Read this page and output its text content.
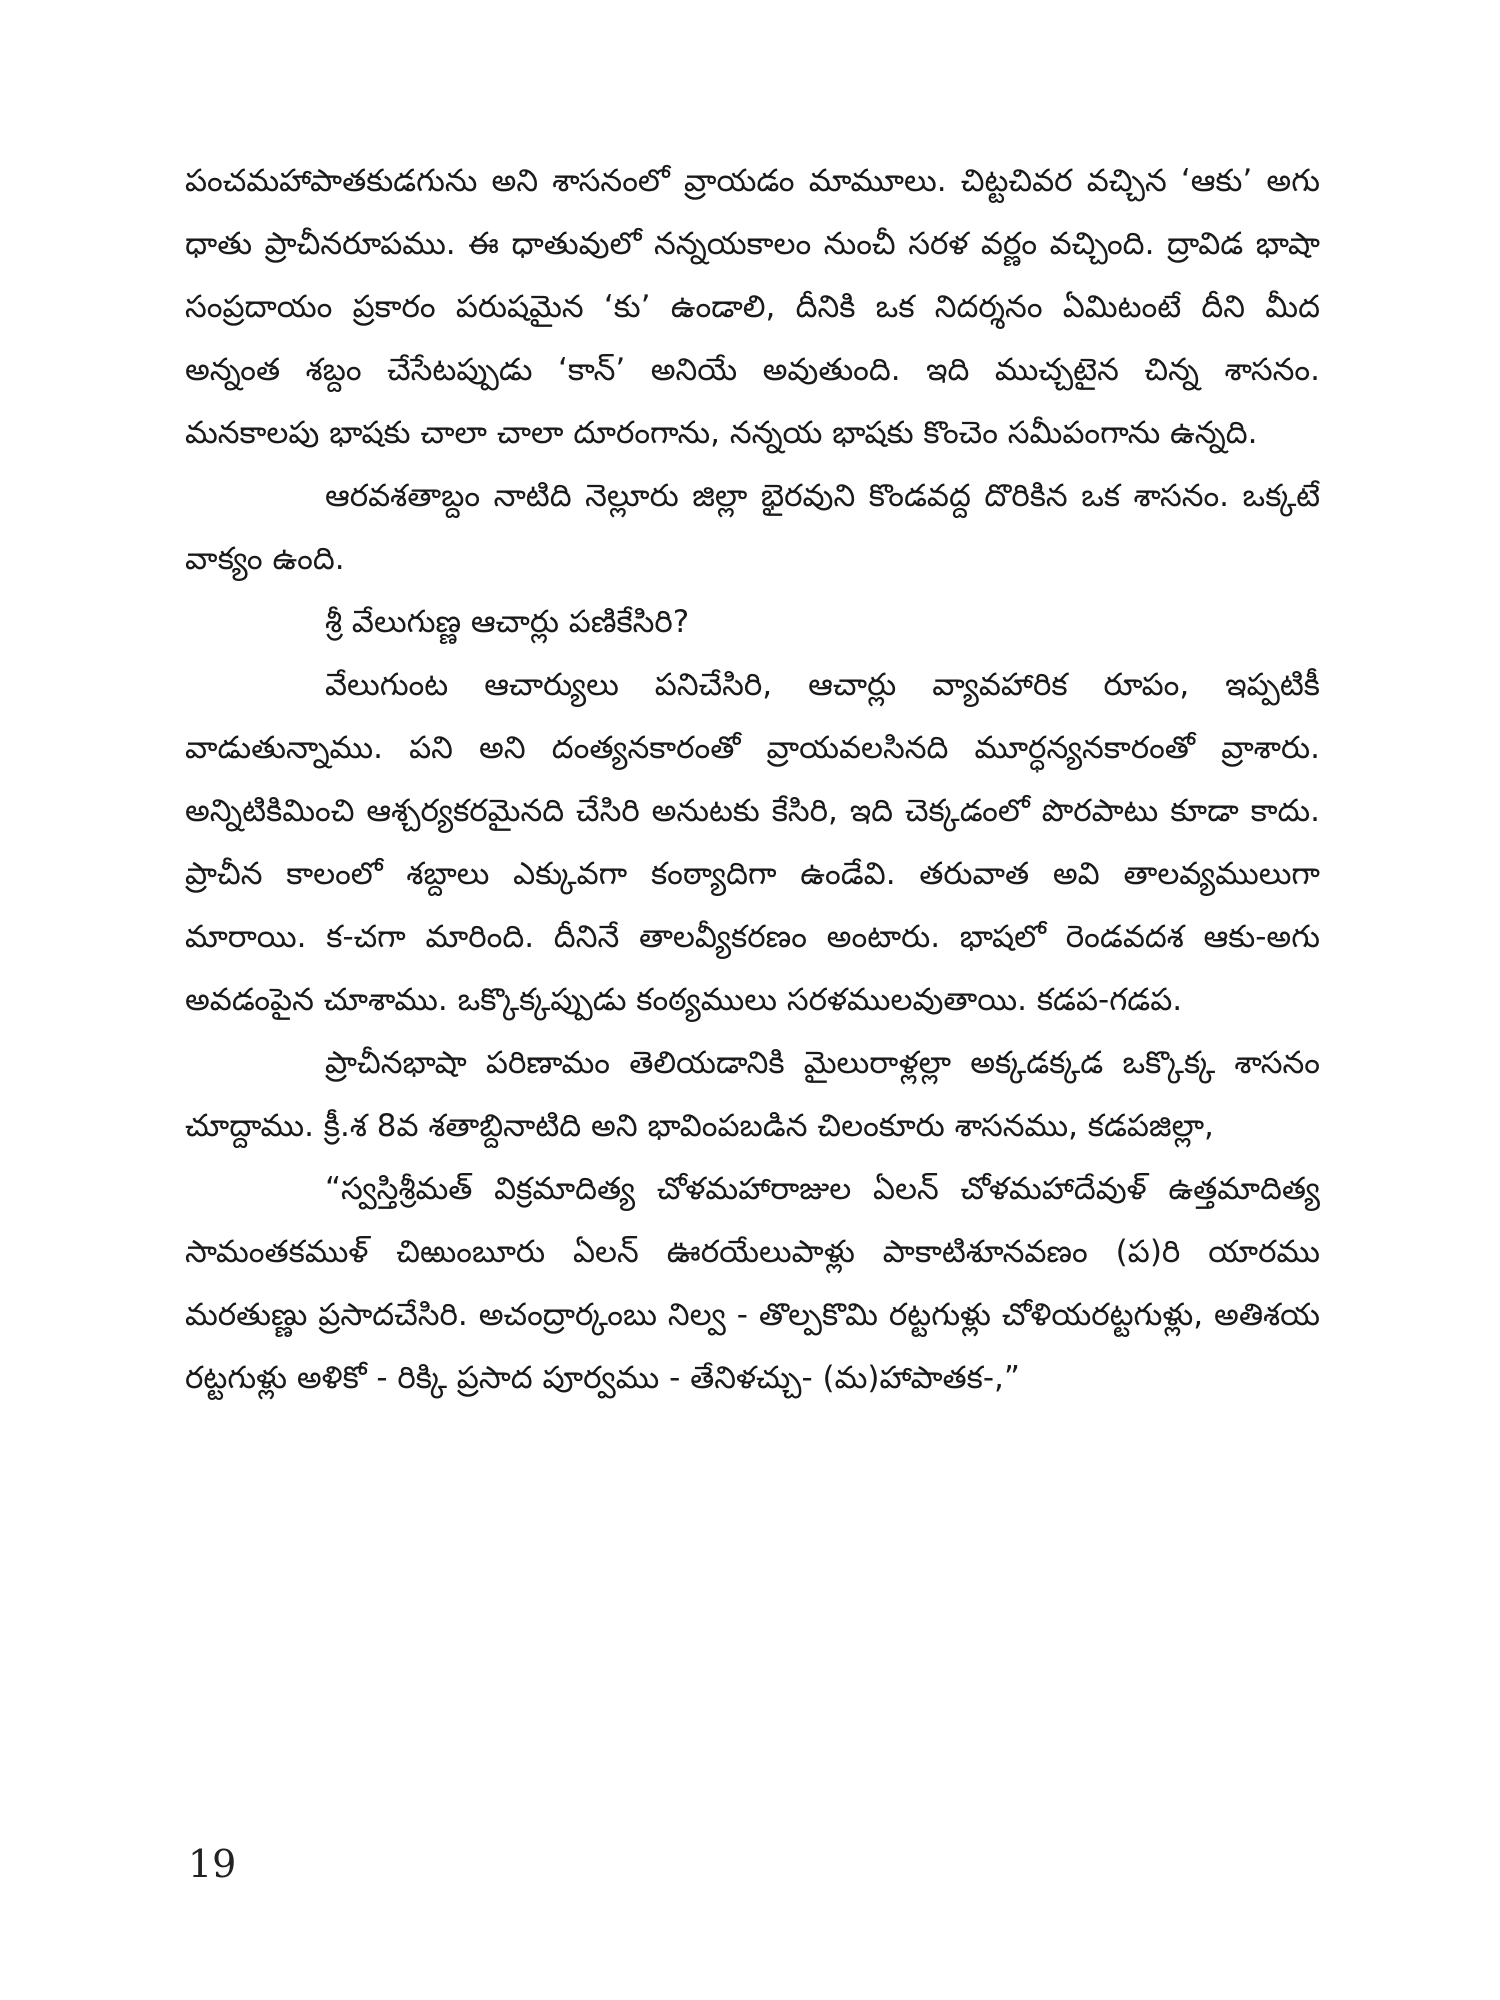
పంచమహాపాతకుడగును అని శాసనంలో వ్రాయడం మామూలు. చిట్టచివర వచ్చిన ‘ఆకు’ అగు ధాతు ప్రాచీనరూపము. ఈ ధాతువులో నన్నయకాలం నుంచీ సరళ వర్ణం వచ్చింది. ద్రావిడ భాషా సంప్రదాయం ప్రకారం పరుషమైన ‘కు’ ఉండాలి, దీనికి ఒక నిదర్శనం ఏమిటంటే దీని మీద అన్నంత శబ్దం చేసేటప్పుడు ‘కాన్’ అనియే అవుతుంది. ఇది ముచ్చటైన చిన్న శాసనం. మనకాలపు భాషకు చాలా చాలా దూరంగాను, నన్నయ భాషకు కొంచెం సమీపంగాను ఉన్నది.

ఆరవశతాబ్దం నాటిది నెల్లూరు జిల్లా భైరవుని కొండవద్ద దొరికిన ఒక శాసనం. ఒక్కటే వాక్యం ఉంది.

శ్రీ వేలుగుణ్ణ ఆచార్లు పణికేసిరి?

వేలుగుంట ఆచార్యులు పనిచేసిరి, ఆచార్లు వ్యావహారిక రూపం, ఇప్పటికీ వాడుతున్నాము. పని అని దంత్యనకారంతో వ్రాయవలసినది మూర్ధన్యనకారంతో వ్రాశారు. అన్నిటికిమించి ఆశ్చర్యకరమైనది చేసిరి అనుటకు కేసిరి, ఇది చెక్కడంలో పొరపాటు కూడా కాదు. ప్రాచీన కాలంలో శబ్దాలు ఎక్కువగా కంఠ్యాదిగా ఉండేవి. తరువాత అవి తాలవ్యములుగా మారాయి. క-చగా మారింది. దీనినే తాలవ్యీకరణం అంటారు. భాషలో రెండవదశ ఆకు-అగు అవడంపైన చూశాము. ఒక్కొక్కప్పుడు కంఠ్యములు సరళములవుతాయి. కడప-గడప.

ప్రాచీనభాషా పరిణామం తెలియడానికి మైలురాళ్లల్లా అక్కడక్కడ ఒక్కొక్క శాసనం చూద్దాము. క్రీ.శ 8వ శతాబ్దినాటిది అని భావింపబడిన చిలంకూరు శాసనము, కడపజిల్లా,

“స్వస్తిశ్రీమత్ విక్రమాదిత్య చోళమహారాజుల ఏలన్ చోళమహాదేవుళ్ ఉత్తమాదిత్య సామంతకముళ్ చిఱుంబూరు ఏలన్ ఊరయేలుపాళ్లు పాకాటిశూనవణం (ప)రి యారము మరతుణ్ణు ప్రసాదచేసిరి. అచంద్రార్కంబు నిల్వ - తొల్పకొమి రట్టగుళ్లు చోళియరట్టగుళ్లు, అతిశయ రట్టగుళ్లు అళికో - రిక్కి ప్రసాద పూర్వము - తేనిళచ్చు- (మ)హాపాతక-,”

19
